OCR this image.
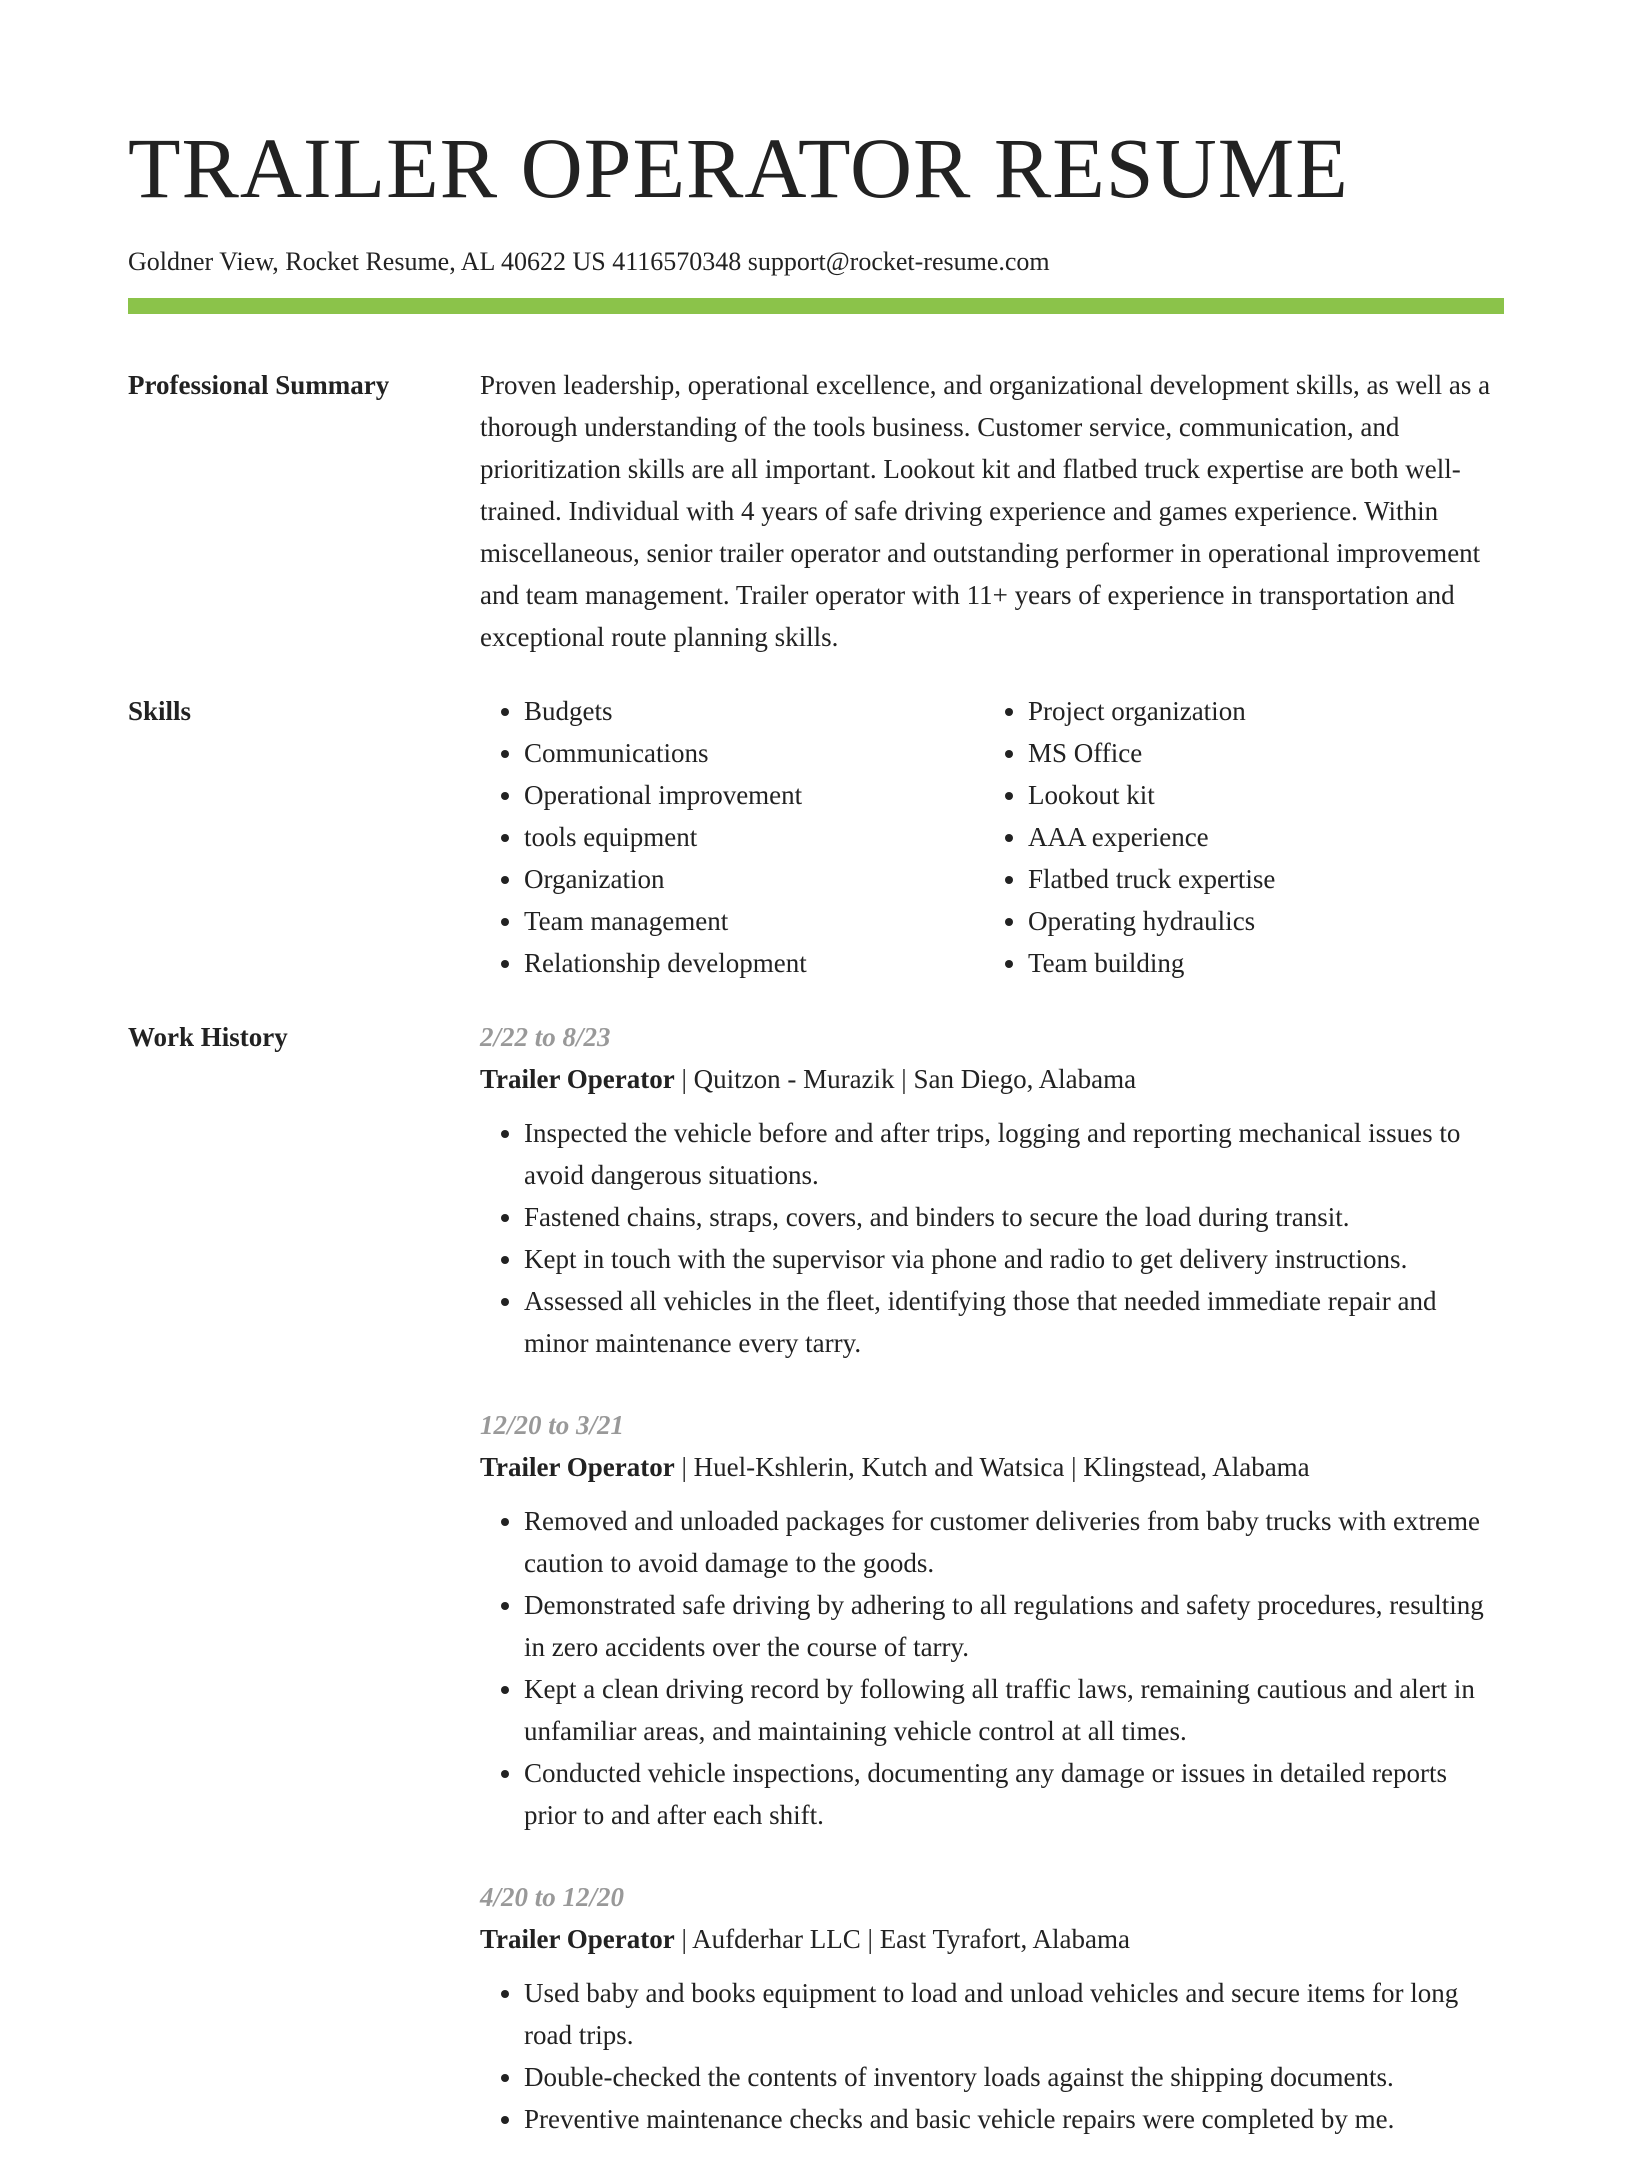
TRAILER OPERATOR RESUME
Goldner View, Rocket Resume, AL 40622 US 4116570348 support@rocket-resume.com
Professional Summary	Proven leadership, operational excellence, and organizational development skills, as well as a thorough understanding of the tools business. Customer service, communication, and prioritization skills are all important. Lookout kit and flatbed truck expertise are both well-trained. Individual with 4 years of safe driving experience and games experience. Within miscellaneous, senior trailer operator and outstanding performer in operational improvement and team management. Trailer operator with 11+ years of experience in transportation and exceptional route planning skills.

Skills
•	Budgets
• Communications
• Operational improvement
• tools equipment
• Organization
• Team management
• Relationship development
• Project organization
• MS Office
• Lookout kit
• AAA experience
• Flatbed truck expertise
• Operating hydraulics
• Team building
Work History	2/22 to 8/23
Trailer Operator | Quitzon - Murazik | San Diego, Alabama
• Inspected the vehicle before and after trips, logging and reporting mechanical issues to avoid dangerous situations.
• Fastened chains, straps, covers, and binders to secure the load during transit.
• Kept in touch with the supervisor via phone and radio to get delivery instructions.
• Assessed all vehicles in the fleet, identifying those that needed immediate repair and minor maintenance every tarry.
12/20 to 3/21
Trailer Operator | Huel-Kshlerin, Kutch and Watsica | Klingstead, Alabama
• Removed and unloaded packages for customer deliveries from baby trucks with extreme caution to avoid damage to the goods.
• Demonstrated safe driving by adhering to all regulations and safety procedures, resulting in zero accidents over the course of tarry.
• Kept a clean driving record by following all traffic laws, remaining cautious and alert in unfamiliar areas, and maintaining vehicle control at all times.
• Conducted vehicle inspections, documenting any damage or issues in detailed reports prior to and after each shift.
4/20 to 12/20
Trailer Operator | Aufderhar LLC | East Tyrafort, Alabama
• Used baby and books equipment to load and unload vehicles and secure items for long road trips.
• Double-checked the contents of inventory loads against the shipping documents.
• Preventive maintenance checks and basic vehicle repairs were completed by me.
